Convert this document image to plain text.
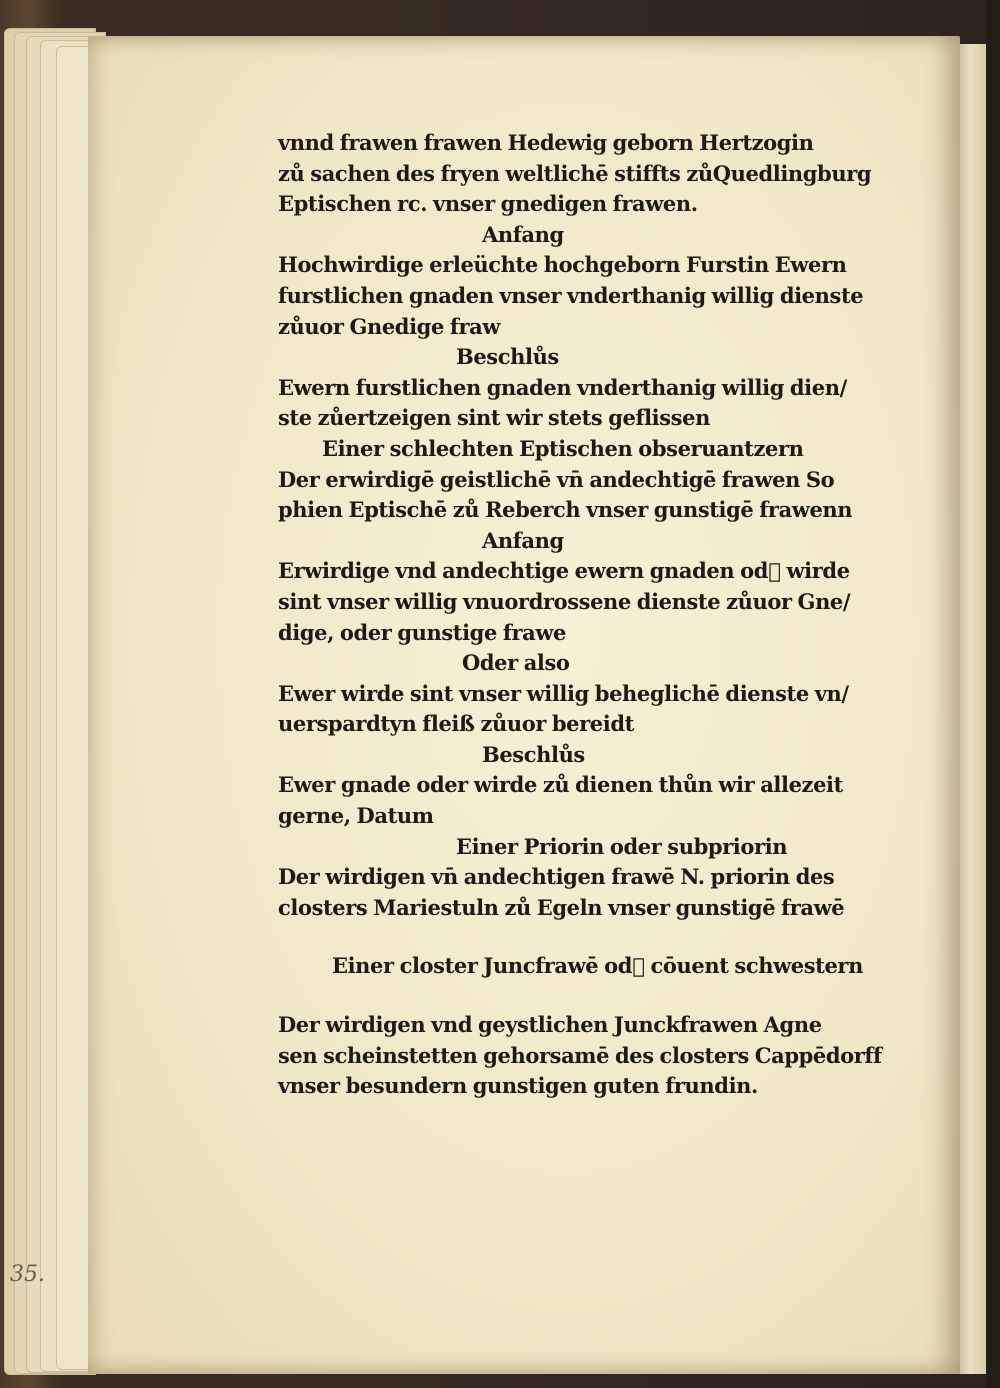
vnnd frawen frawen Hedewig geborn Hertzogin
zů sachen des fryen weltlichē stiffts zůQuedlingburg
Eptischen rc. vnser gnedigen frawen.
Anfang
Hochwirdige erleüchte hochgeborn Furstin Ewern
furstlichen gnaden vnser vnderthanig willig dienste
zůuor Gnedige fraw
Beschlůs
Ewern furstlichen gnaden vnderthanig willig dien/
ste zůertzeigen sint wir stets geflissen
Einer schlechten Eptischen obseruantzern
Der erwirdigē geistlichē vn̄ andechtigē frawen So
phien Eptischē zů Reberch vnser gunstigē frawenn
Anfang
Erwirdige vnd andechtige ewern gnaden od᷑ wirde
sint vnser willig vnuordrossene dienste zůuor Gne/
dige, oder gunstige frawe
Oder also
Ewer wirde sint vnser willig beheglichē dienste vn/
uerspardtyn fleiß zůuor bereidt
Beschlůs
Ewer gnade oder wirde zů dienen thůn wir allezeit
gerne, Datum
Einer Priorin oder subpriorin
Der wirdigen vn̄ andechtigen frawē N. priorin des
closters Mariestuln zů Egeln vnser gunstigē frawē
Einer closter Juncfrawē od᷑ cōuent schwestern
Der wirdigen vnd geystlichen Junckfrawen Agne
sen scheinstetten gehorsamē des closters Cappēdorff
vnser besundern gunstigen guten frundin.
35.
